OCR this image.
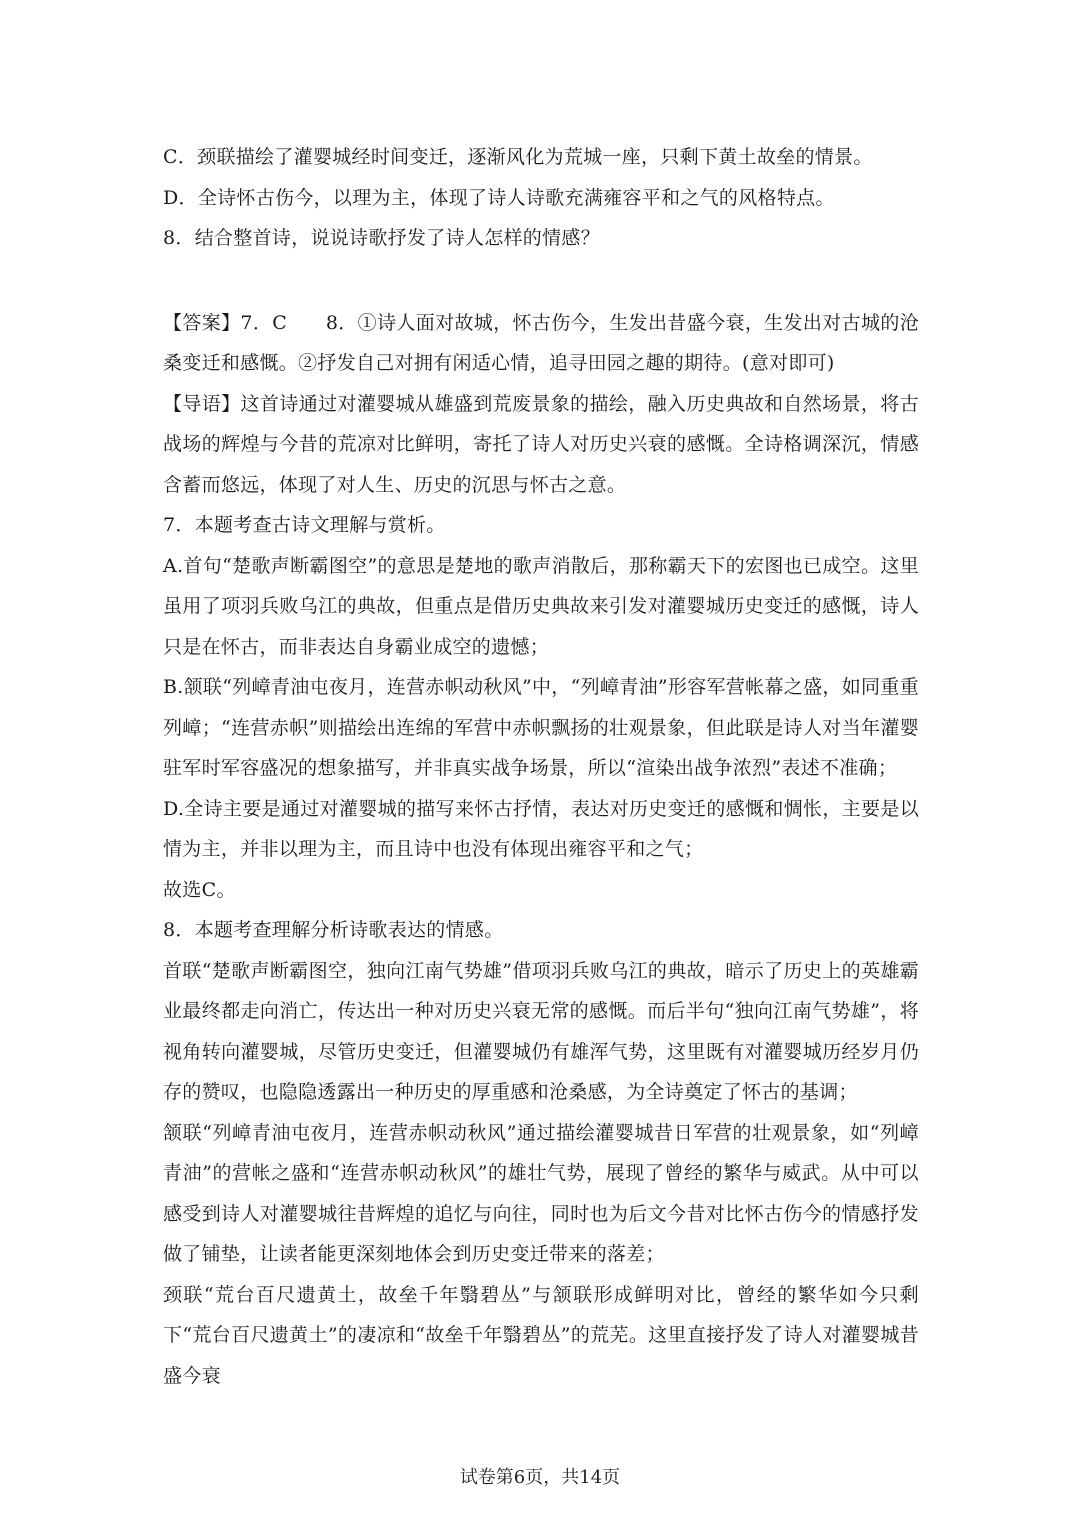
C．颈联描绘了灌婴城经时间变迁，逐渐风化为荒城一座，只剩下黄土故垒的情景。

D．全诗怀古伤今，以理为主，体现了诗人诗歌充满雍容平和之气的风格特点。

8．结合整首诗，说说诗歌抒发了诗人怎样的情感？

【答案】7．C　　8．①诗人面对故城，怀古伤今，生发出昔盛今衰，生发出对古城的沧桑变迁和感慨。②抒发自己对拥有闲适心情，追寻田园之趣的期待。(意对即可)

【导语】这首诗通过对灌婴城从雄盛到荒废景象的描绘，融入历史典故和自然场景，将古战场的辉煌与今昔的荒凉对比鲜明，寄托了诗人对历史兴衰的感慨。全诗格调深沉，情感含蓄而悠远，体现了对人生、历史的沉思与怀古之意。

7．本题考查古诗文理解与赏析。

A.首句“楚歌声断霸图空”的意思是楚地的歌声消散后，那称霸天下的宏图也已成空。这里虽用了项羽兵败乌江的典故，但重点是借历史典故来引发对灌婴城历史变迁的感慨，诗人只是在怀古，而非表达自身霸业成空的遗憾；

B.颔联“列嶂青油屯夜月，连营赤帜动秋风”中，“列嶂青油”形容军营帐幕之盛，如同重重列嶂；“连营赤帜”则描绘出连绵的军营中赤帜飘扬的壮观景象，但此联是诗人对当年灌婴驻军时军容盛况的想象描写，并非真实战争场景，所以“渲染出战争浓烈”表述不准确；

D.全诗主要是通过对灌婴城的描写来怀古抒情，表达对历史变迁的感慨和惆怅，主要是以情为主，并非以理为主，而且诗中也没有体现出雍容平和之气；

故选C。

8．本题考查理解分析诗歌表达的情感。

首联“楚歌声断霸图空，独向江南气势雄”借项羽兵败乌江的典故，暗示了历史上的英雄霸业最终都走向消亡，传达出一种对历史兴衰无常的感慨。而后半句“独向江南气势雄”，将视角转向灌婴城，尽管历史变迁，但灌婴城仍有雄浑气势，这里既有对灌婴城历经岁月仍存的赞叹，也隐隐透露出一种历史的厚重感和沧桑感，为全诗奠定了怀古的基调；

颔联“列嶂青油屯夜月，连营赤帜动秋风”通过描绘灌婴城昔日军营的壮观景象，如“列嶂青油”的营帐之盛和“连营赤帜动秋风”的雄壮气势，展现了曾经的繁华与威武。从中可以感受到诗人对灌婴城往昔辉煌的追忆与向往，同时也为后文今昔对比怀古伤今的情感抒发做了铺垫，让读者能更深刻地体会到历史变迁带来的落差；

颈联“荒台百尺遗黄土，故垒千年翳碧丛”与颔联形成鲜明对比，曾经的繁华如今只剩下“荒台百尺遗黄土”的凄凉和“故垒千年翳碧丛”的荒芜。这里直接抒发了诗人对灌婴城昔盛今衰

试卷第6页，共14页
